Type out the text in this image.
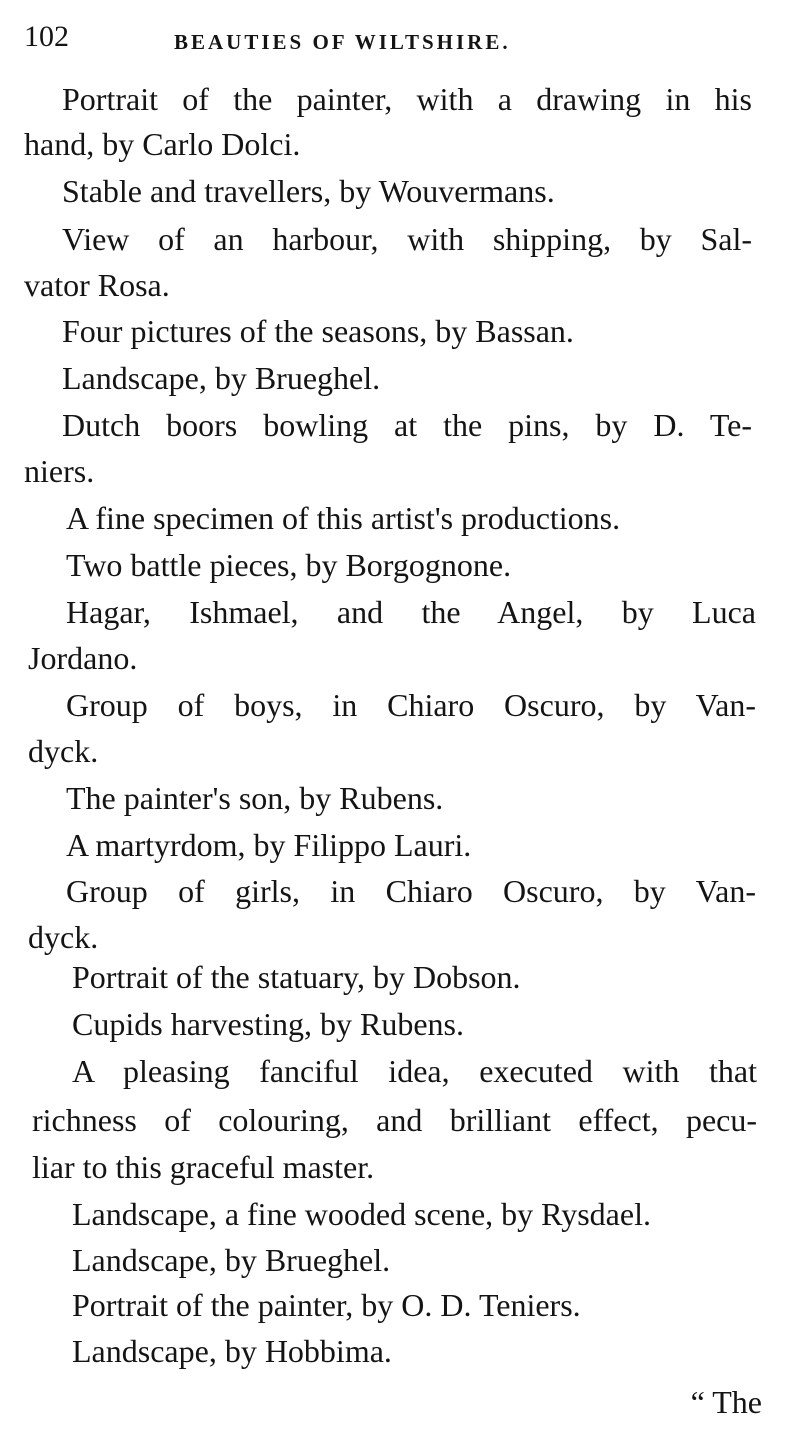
102	BEAUTIES OF WILTSHIRE.
Portrait of the painter, with a drawing in his
hand, by Carlo Dolci.
Stable and travellers, by Wouvermans.
View of an harbour, with shipping, by Sal-
vator Rosa.
Four pictures of the seasons, by Bassan.
Landscape, by Brueghel.
Dutch boors bowling at the pins, by D. Te-
niers.
A fine specimen of this artist's productions.
Two battle pieces, by Borgognone.
Hagar, Ishmael, and the Angel, by Luca
Jordano.
Group of boys, in Chiaro Oscuro, by Van-
dyck.
The painter's son, by Rubens.
A martyrdom, by Filippo Lauri.
Group of girls, in Chiaro Oscuro, by Van-
dyck.
Portrait of the statuary, by Dobson.
Cupids harvesting, by Rubens.
A pleasing fanciful idea, executed with that
richness of colouring, and brilliant effect, pecu-
liar to this graceful master.
Landscape, a fine wooded scene, by Rysdael.
Landscape, by Brueghel.
Portrait of the painter, by O. D. Teniers.
Landscape, by Hobbima.
“ The
